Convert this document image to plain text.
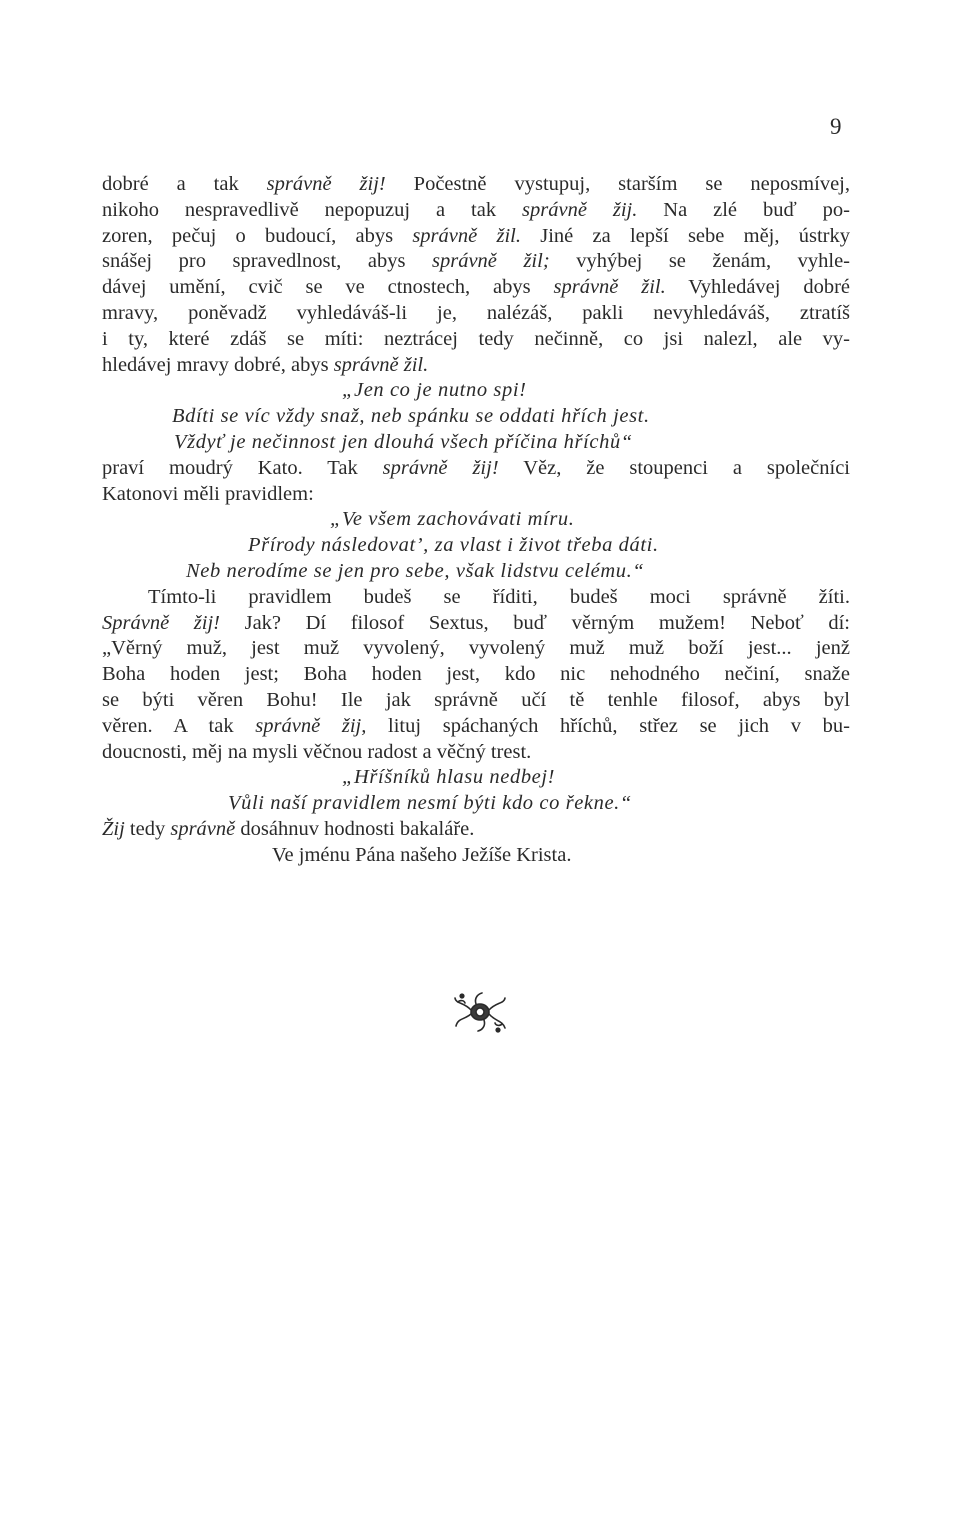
9
dobré a tak správně žij! Počestně vystupuj, starším se neposmívej,
nikoho nespravedlivě nepopuzuj a tak správně žij. Na zlé buď po-
zoren, pečuj o budoucí, abys správně žil. Jiné za lepší sebe měj, ústrky
snášej pro spravedlnost, abys správně žil; vyhýbej se ženám, vyhle-
dávej umění, cvič se ve ctnostech, abys správně žil. Vyhledávej dobré
mravy, poněvadž vyhledáváš-li je, nalézáš, pakli nevyhledáváš, ztratíš
i ty, které zdáš se míti: neztrácej tedy nečinně, co jsi nalezl, ale vy-
hledávej mravy dobré, abys správně žil.
„Jen co je nutno spi!
Bdíti se víc vždy snaž, neb spánku se oddati hřích jest.
Vždyť je nečinnost jen dlouhá všech příčina hříchů“
praví moudrý Kato. Tak správně žij! Věz, že stoupenci a společníci
Katonovi měli pravidlem:
„Ve všem zachovávati míru.
Přírody následovat’, za vlast i život třeba dáti.
Neb nerodíme se jen pro sebe, však lidstvu celému.“
Tímto-li pravidlem budeš se říditi, budeš moci správně žíti.
Správně žij! Jak? Dí filosof Sextus, buď věrným mužem! Neboť dí:
„Věrný muž, jest muž vyvolený, vyvolený muž muž boží jest... jenž
Boha hoden jest; Boha hoden jest, kdo nic nehodného nečiní, snaže
se býti věren Bohu! Ile jak správně učí tě tenhle filosof, abys byl
věren. A tak správně žij, lituj spáchaných hříchů, střez se jich v bu-
doucnosti, měj na mysli věčnou radost a věčný trest.
„Hříšníků hlasu nedbej!
Vůli naší pravidlem nesmí býti kdo co řekne.“
Žij tedy správně dosáhnuv hodnosti bakaláře.
Ve jménu Pána našeho Ježíše Krista.
